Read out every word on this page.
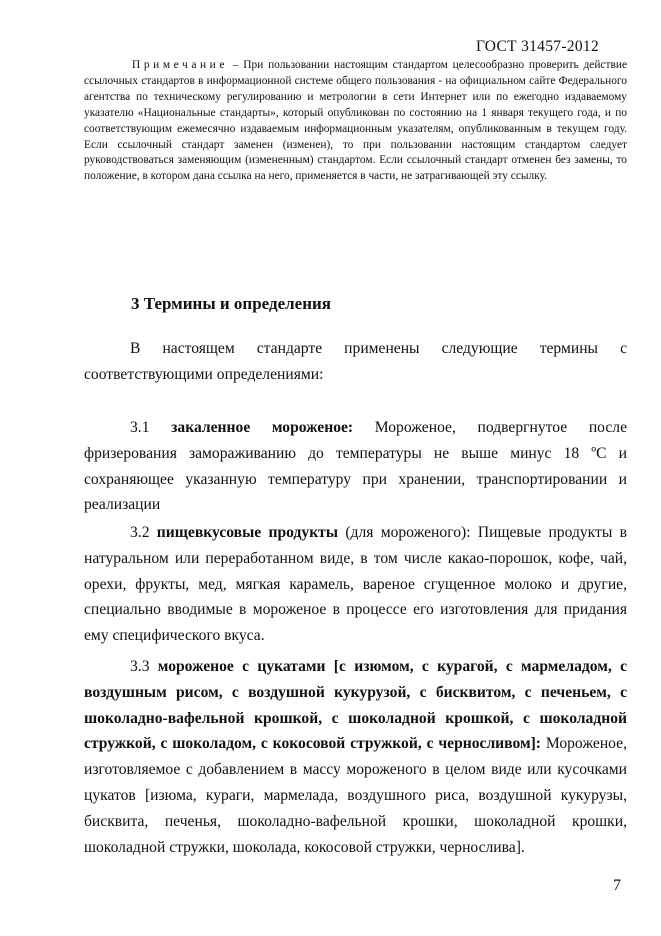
ГОСТ 31457-2012

Примечание – При пользовании настоящим стандартом целесообразно проверить действие ссылочных стандартов в информационной системе общего пользования - на официальном сайте Федерального агентства по техническому регулированию и метрологии в сети Интернет или по ежегодно издаваемому указателю «Национальные стандарты», который опубликован по состоянию на 1 января текущего года, и по соответствующим ежемесячно издаваемым информационным указателям, опубликованным в текущем году. Если ссылочный стандарт заменен (изменен), то при пользовании настоящим стандартом следует руководствоваться заменяющим (измененным) стандартом. Если ссылочный стандарт отменен без замены, то положение, в котором дана ссылка на него, применяется в части, не затрагивающей эту ссылку.

3 Термины и определения

В настоящем стандарте применены следующие термины с соответствующими определениями:

3.1 закаленное мороженое: Мороженое, подвергнутое после фризерования замораживанию до температуры не выше минус 18 ºС и сохраняющее указанную температуру при хранении, транспортировании и реализации

3.2 пищевкусовые продукты (для мороженого): Пищевые продукты в натуральном или переработанном виде, в том числе какао-порошок, кофе, чай, орехи, фрукты, мед, мягкая карамель, вареное сгущенное молоко и другие, специально вводимые в мороженое в процессе его изготовления для придания ему специфического вкуса.

3.3 мороженое с цукатами [с изюмом, с курагой, с мармеладом, с воздушным рисом, с воздушной кукурузой, с бисквитом, с печеньем, с шоколадно-вафельной крошкой, с шоколадной крошкой, с шоколадной стружкой, с шоколадом, с кокосовой стружкой, с черносливом]: Мороженое, изготовляемое с добавлением в массу мороженого в целом виде или кусочками цукатов [изюма, кураги, мармелада, воздушного риса, воздушной кукурузы, бисквита, печенья, шоколадно-вафельной крошки, шоколадной крошки, шоколадной стружки, шоколада, кокосовой стружки, чернослива].

7
